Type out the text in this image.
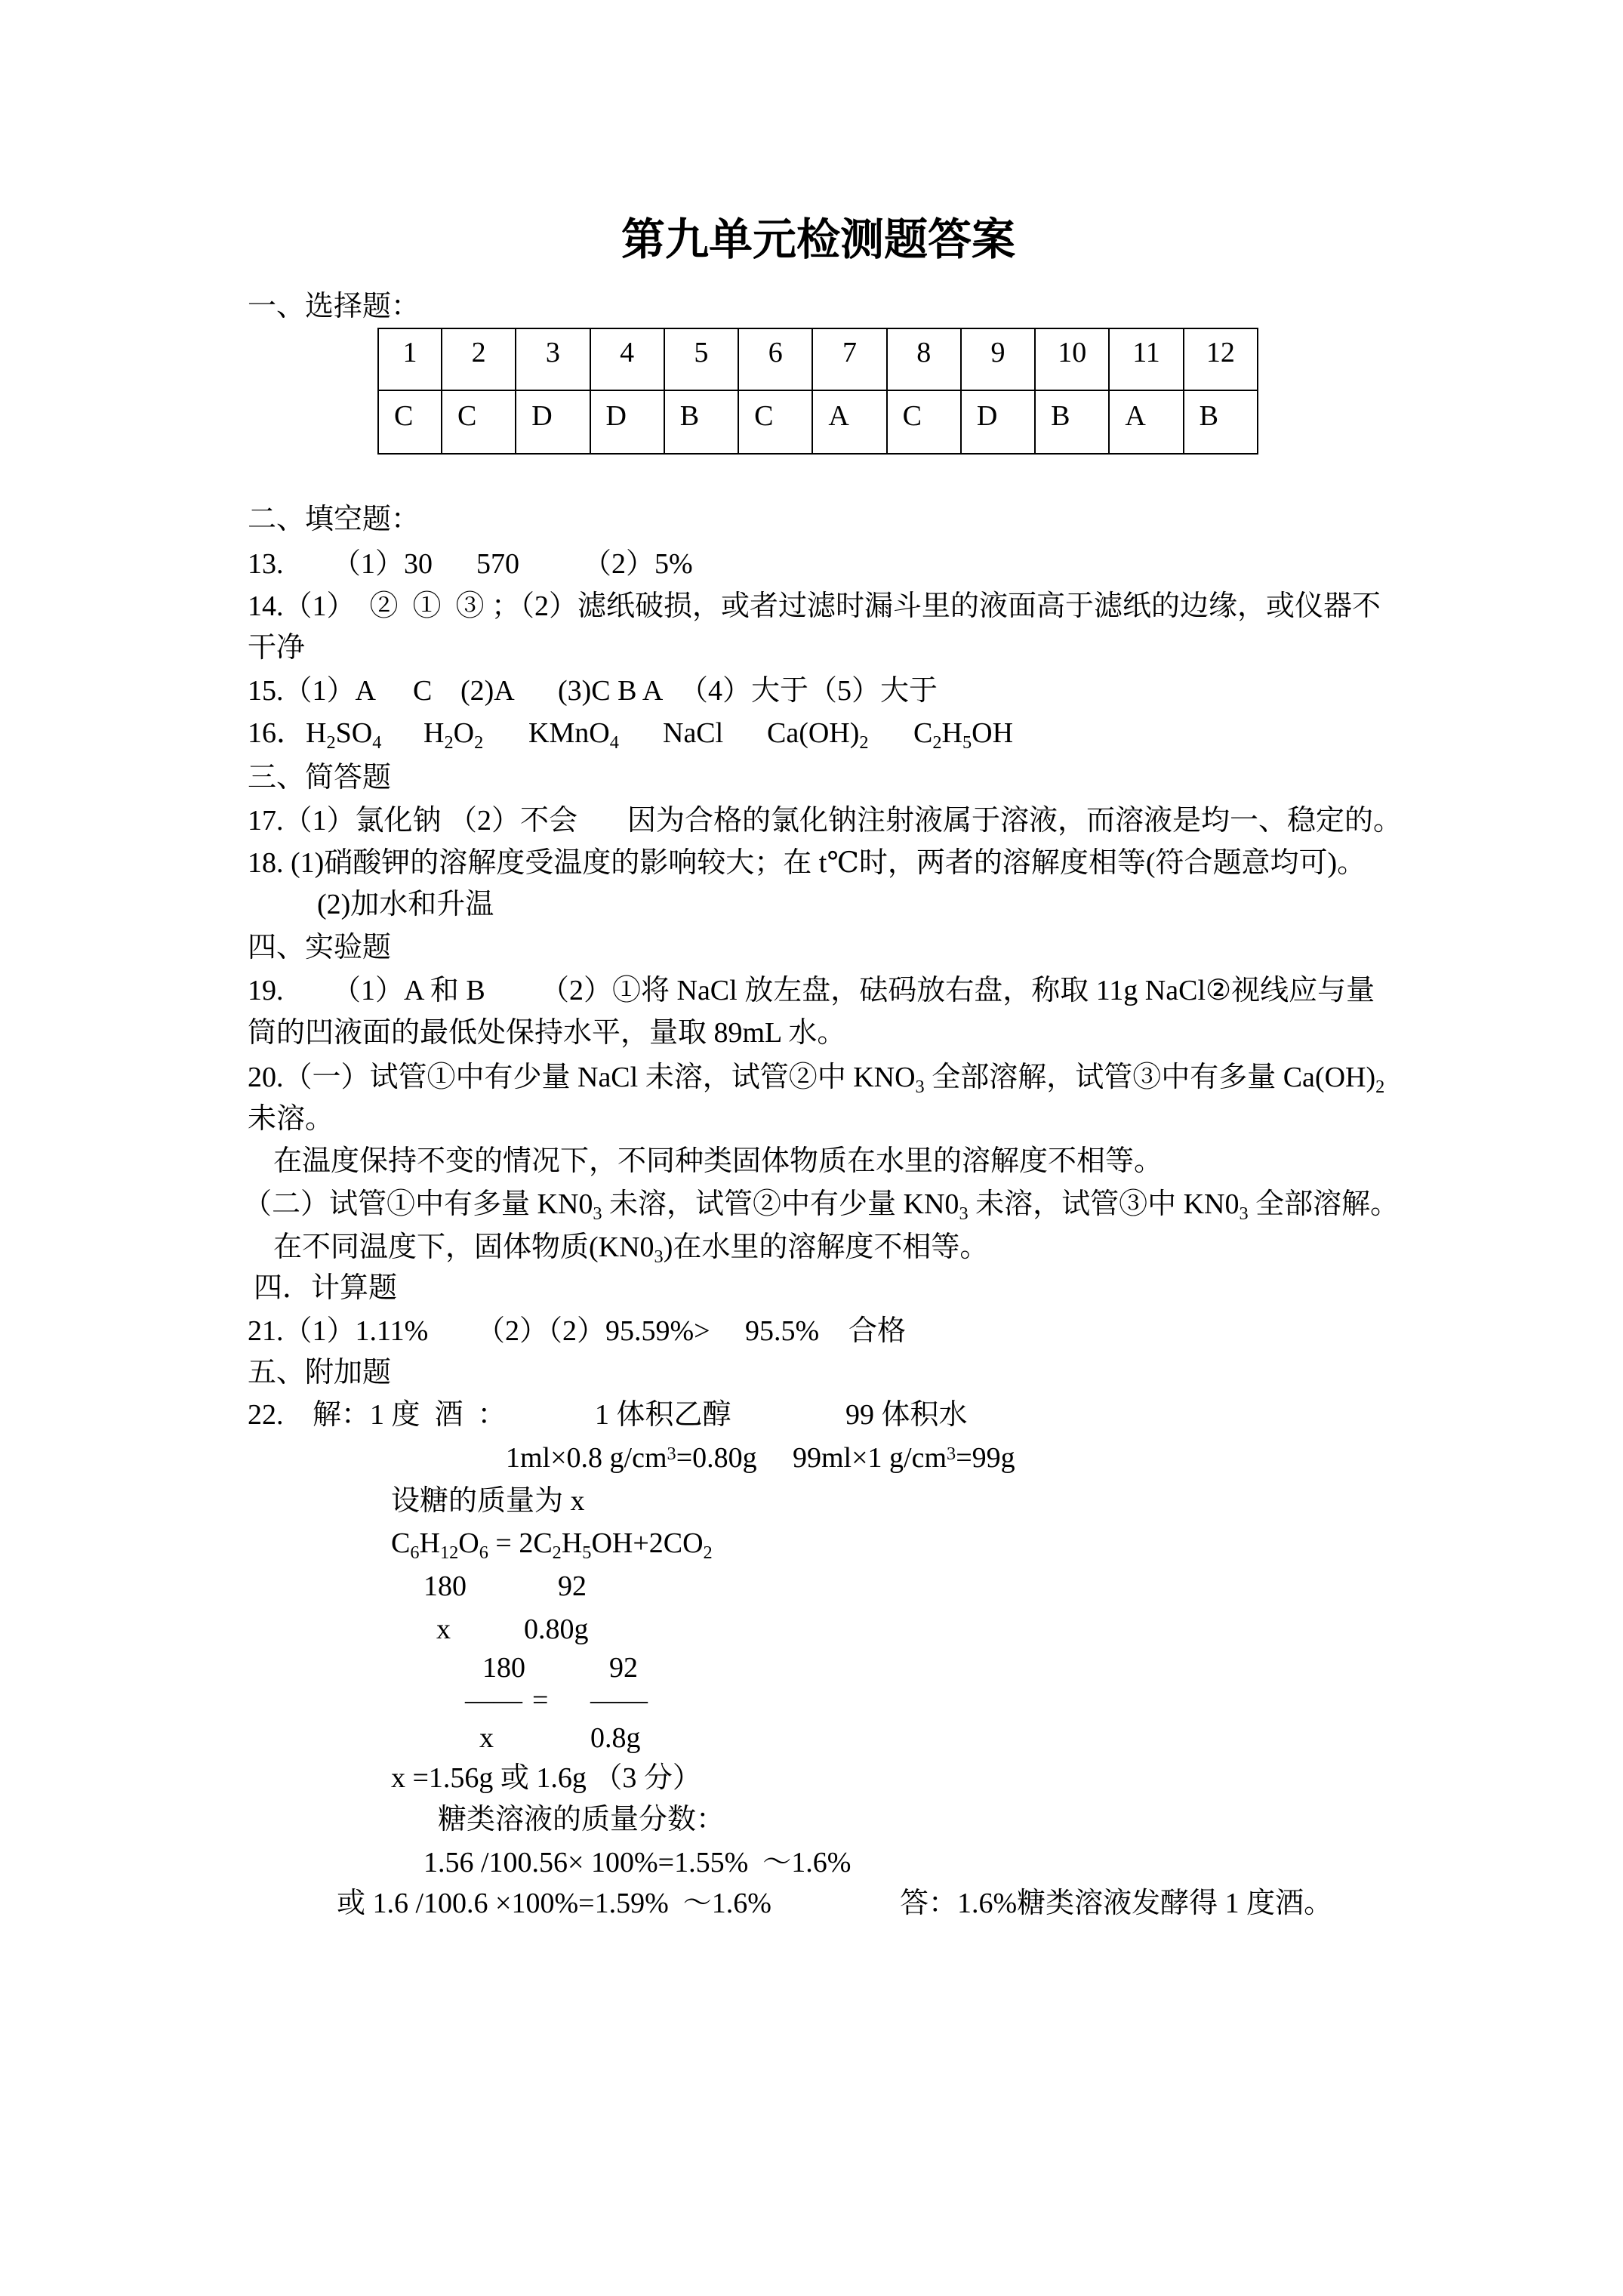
第九单元检测题答案
一、选择题：
1	2	3	4	5	6	7	8	9	10	11	12
C	C	D	D	B	C	A	C	D	B	A	B
二、填空题：
13. （1）30 570 （2）5%
14.（1）  ②  ①  ③ ；（2）滤纸破损，或者过滤时漏斗里的液面高于滤纸的边缘，或仪器不
干净
15.（1）A C (2)A (3)C B A （4）大于（5）大于
16． $H_2SO_4$ $H_2O_2$ KMnO$_4$ NaCl $Ca(OH)_2$ $C_2H_5OH$
三、简答题
17.（1）氯化钠 （2）不会 因为合格的氯化钠注射液属于溶液，而溶液是均一、稳定的。
18. (1)硝酸钾的溶解度受温度的影响较大；在 t℃时，两者的溶解度相等(符合题意均可)。
(2)加水和升温
四、实验题
19. （1）A 和 B （2）①将 NaCl 放左盘，砝码放右盘，称取 11g NaCl②视线应与量
筒的凹液面的最低处保持水平，量取 89mL 水。
20.（一）试管①中有少量 NaCl 未溶，试管②中 $KNO_3$ 全部溶解，试管③中有多量 $Ca(OH)_2$
未溶。
在温度保持不变的情况下，不同种类固体物质在水里的溶解度不相等。
（二）试管①中有多量 $KN0_3$ 未溶，试管②中有少量 $KN0_3$ 未溶，试管③中 $KN0_3$ 全部溶解。
在不同温度下，固体物质$(KN0_3)$在水里的溶解度不相等。
四．计算题
21.（1）1.11% （2）（2）95.59%> 95.5% 合格
五、附加题
22. 解：1 度  酒  ：	1 体积乙醇	99 体积水
1ml×0.8 $g/cm^3=0.80g$ 99ml×1 $g/cm^3=99g$
设糖的质量为 x
$C_6H_{12}O_6 = 2C_2H_5OH+2CO_2$
180	92
x	0.80g
180	92
—— = ——
x	0.8g
x =1.56g 或 1.6g （3 分）
糖类溶液的质量分数：
1.56 /100.56× 100%=1.55%  ～1.6%
或 1.6 /100.6 ×100%=1.59%  ～1.6%	答：1.6%糖类溶液发酵得 1 度酒。
